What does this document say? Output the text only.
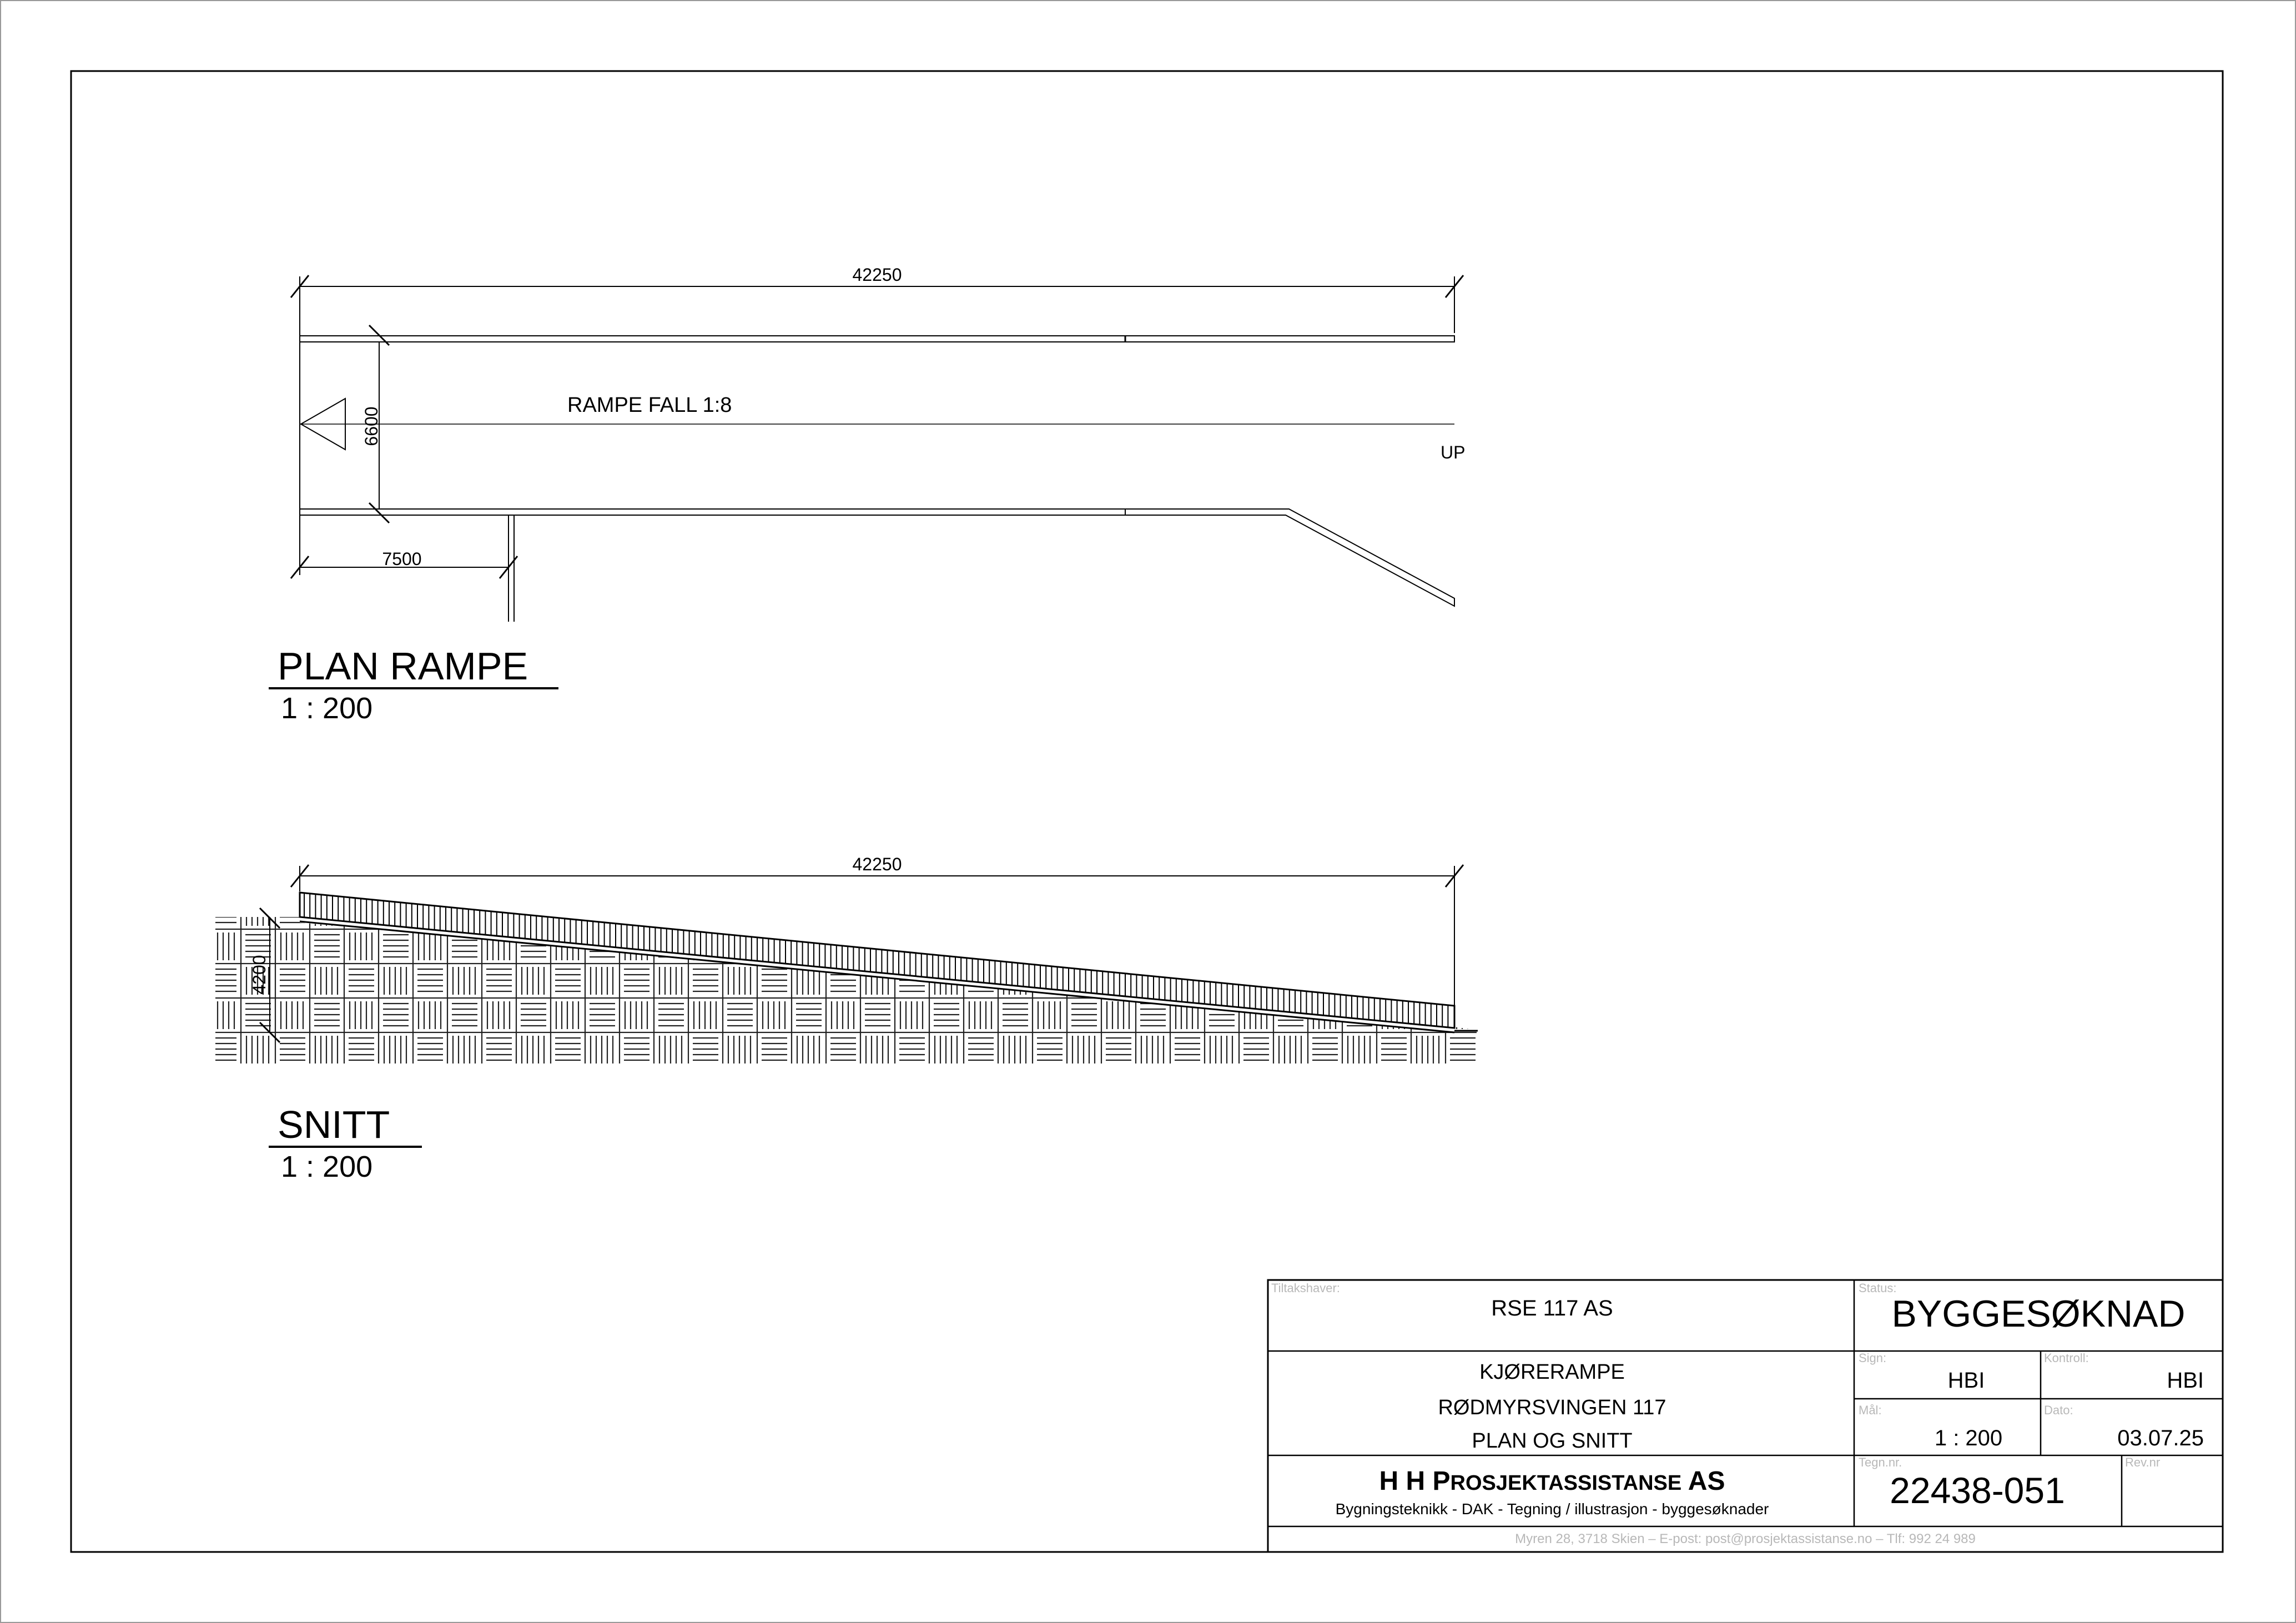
42250
6600
RAMPE FALL 1:8
UP
7500
PLAN RAMPE
1 : 200
42250
4200
SNITT
1 : 200
Tiltakshaver:
RSE 117 AS
Status:
BYGGESØKNAD
KJØRERAMPE
RØDMYRSVINGEN 117
PLAN OG SNITT
Sign:
HBI
Kontroll:
HBI
Mål:
1 : 200
Dato:
03.07.25
H H PROSJEKTASSISTANSE AS
Bygningsteknikk - DAK - Tegning / illustrasjon - byggesøknader
Tegn.nr.
22438-051
Rev.nr
Myren 28, 3718 Skien – E-post: post@prosjektassistanse.no – Tlf: 992 24 989
